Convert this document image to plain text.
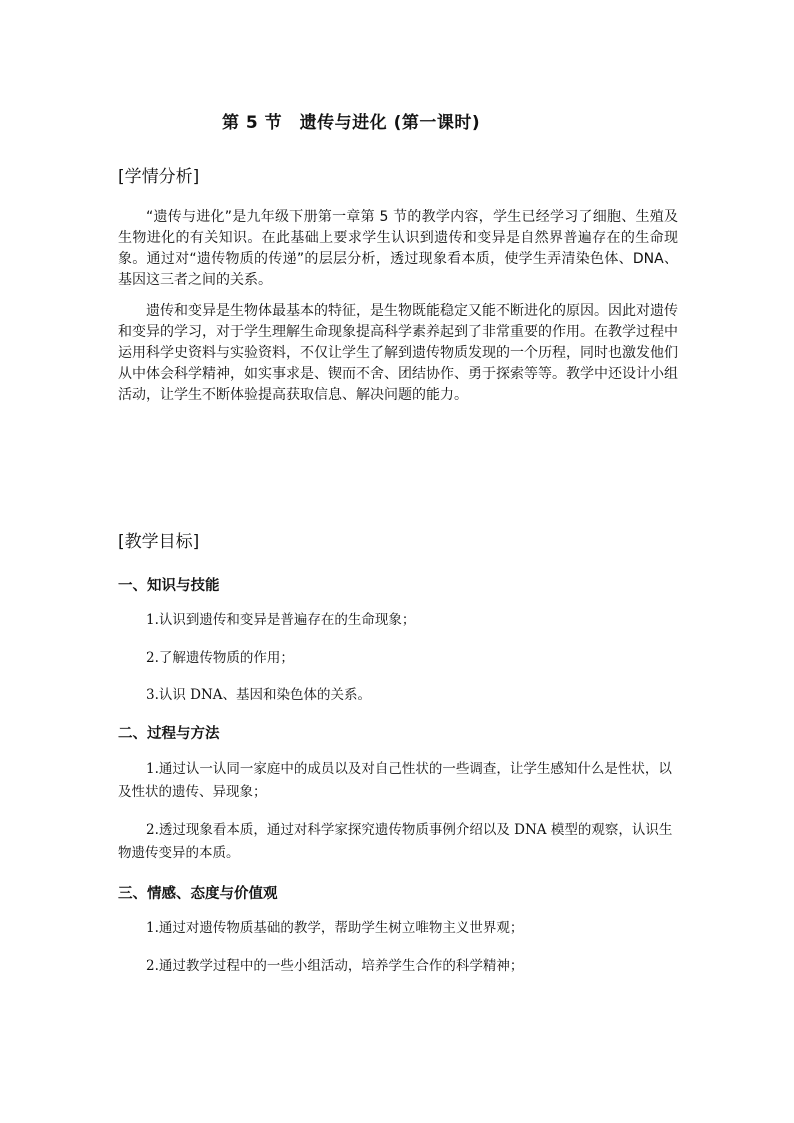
第 5 节　遗传与进化 (第一课时)
[学情分析]

“遗传与进化”是九年级下册第一章第 5 节的教学内容，学生已经学习了细胞、生殖及生物进化的有关知识。在此基础上要求学生认识到遗传和变异是自然界普遍存在的生命现象。通过对“遗传物质的传递”的层层分析，透过现象看本质，使学生弄清染色体、DNA、基因这三者之间的关系。

遗传和变异是生物体最基本的特征，是生物既能稳定又能不断进化的原因。因此对遗传和变异的学习，对于学生理解生命现象提高科学素养起到了非常重要的作用。在教学过程中运用科学史资料与实验资料，不仅让学生了解到遗传物质发现的一个历程，同时也激发他们从中体会科学精神，如实事求是、锲而不舍、团结协作、勇于探索等等。教学中还设计小组活动，让学生不断体验提高获取信息、解决问题的能力。

[教学目标]
一、知识与技能

1.认识到遗传和变异是普遍存在的生命现象；

2.了解遗传物质的作用；

3.认识 DNA、基因和染色体的关系。

二、过程与方法

1.通过认一认同一家庭中的成员以及对自己性状的一些调查，让学生感知什么是性状，以及性状的遗传、异现象；

2.透过现象看本质，通过对科学家探究遗传物质事例介绍以及 DNA 模型的观察，认识生物遗传变异的本质。

三、情感、态度与价值观

1.通过对遗传物质基础的教学，帮助学生树立唯物主义世界观；

2.通过教学过程中的一些小组活动，培养学生合作的科学精神；
